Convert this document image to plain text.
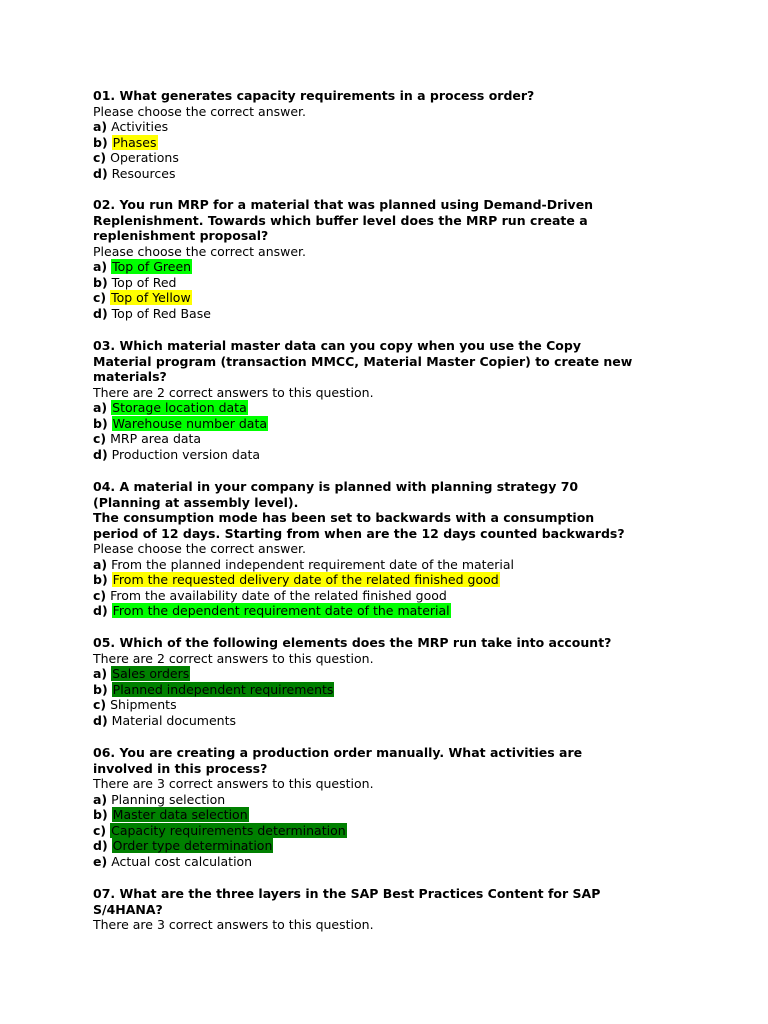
01. What generates capacity requirements in a process order?
Please choose the correct answer.
a) Activities
b) Phases
c) Operations
d) Resources
02. You run MRP for a material that was planned using Demand-Driven
Replenishment. Towards which buffer level does the MRP run create a
replenishment proposal?
Please choose the correct answer.
a) Top of Green
b) Top of Red
c) Top of Yellow
d) Top of Red Base
03. Which material master data can you copy when you use the Copy
Material program (transaction MMCC, Material Master Copier) to create new
materials?
There are 2 correct answers to this question.
a) Storage location data
b) Warehouse number data
c) MRP area data
d) Production version data
04. A material in your company is planned with planning strategy 70
(Planning at assembly level).
The consumption mode has been set to backwards with a consumption
period of 12 days. Starting from when are the 12 days counted backwards?
Please choose the correct answer.
a) From the planned independent requirement date of the material
b) From the requested delivery date of the related finished good
c) From the availability date of the related finished good
d) From the dependent requirement date of the material
05. Which of the following elements does the MRP run take into account?
There are 2 correct answers to this question.
a) Sales orders
b) Planned independent requirements
c) Shipments
d) Material documents
06. You are creating a production order manually. What activities are
involved in this process?
There are 3 correct answers to this question.
a) Planning selection
b) Master data selection
c) Capacity requirements determination
d) Order type determination
e) Actual cost calculation
07. What are the three layers in the SAP Best Practices Content for SAP
S/4HANA?
There are 3 correct answers to this question.
